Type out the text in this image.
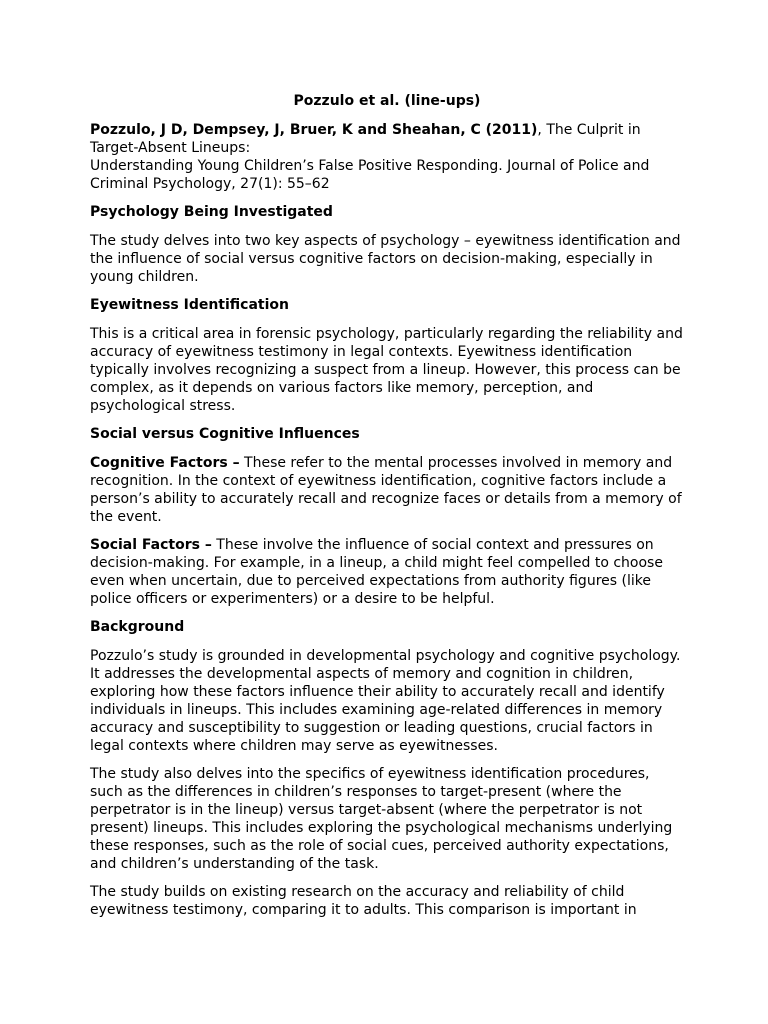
Pozzulo et al. (line-ups)

Pozzulo, J D, Dempsey, J, Bruer, K and Sheahan, C (2011), The Culprit in Target-Absent Lineups:
Understanding Young Children’s False Positive Responding. Journal of Police and Criminal Psychology, 27(1): 55–62

Psychology Being Investigated

The study delves into two key aspects of psychology – eyewitness identification and the influence of social versus cognitive factors on decision-making, especially in young children.

Eyewitness Identification

This is a critical area in forensic psychology, particularly regarding the reliability and accuracy of eyewitness testimony in legal contexts. Eyewitness identification typically involves recognizing a suspect from a lineup. However, this process can be complex, as it depends on various factors like memory, perception, and psychological stress.

Social versus Cognitive Influences

Cognitive Factors – These refer to the mental processes involved in memory and recognition. In the context of eyewitness identification, cognitive factors include a person’s ability to accurately recall and recognize faces or details from a memory of the event.

Social Factors – These involve the influence of social context and pressures on decision-making. For example, in a lineup, a child might feel compelled to choose even when uncertain, due to perceived expectations from authority figures (like police officers or experimenters) or a desire to be helpful.

Background

Pozzulo’s study is grounded in developmental psychology and cognitive psychology. It addresses the developmental aspects of memory and cognition in children, exploring how these factors influence their ability to accurately recall and identify individuals in lineups. This includes examining age-related differences in memory accuracy and susceptibility to suggestion or leading questions, crucial factors in legal contexts where children may serve as eyewitnesses.

The study also delves into the specifics of eyewitness identification procedures, such as the differences in children’s responses to target-present (where the perpetrator is in the lineup) versus target-absent (where the perpetrator is not present) lineups. This includes exploring the psychological mechanisms underlying these responses, such as the role of social cues, perceived authority expectations, and children’s understanding of the task.

The study builds on existing research on the accuracy and reliability of child eyewitness testimony, comparing it to adults. This comparison is important in
